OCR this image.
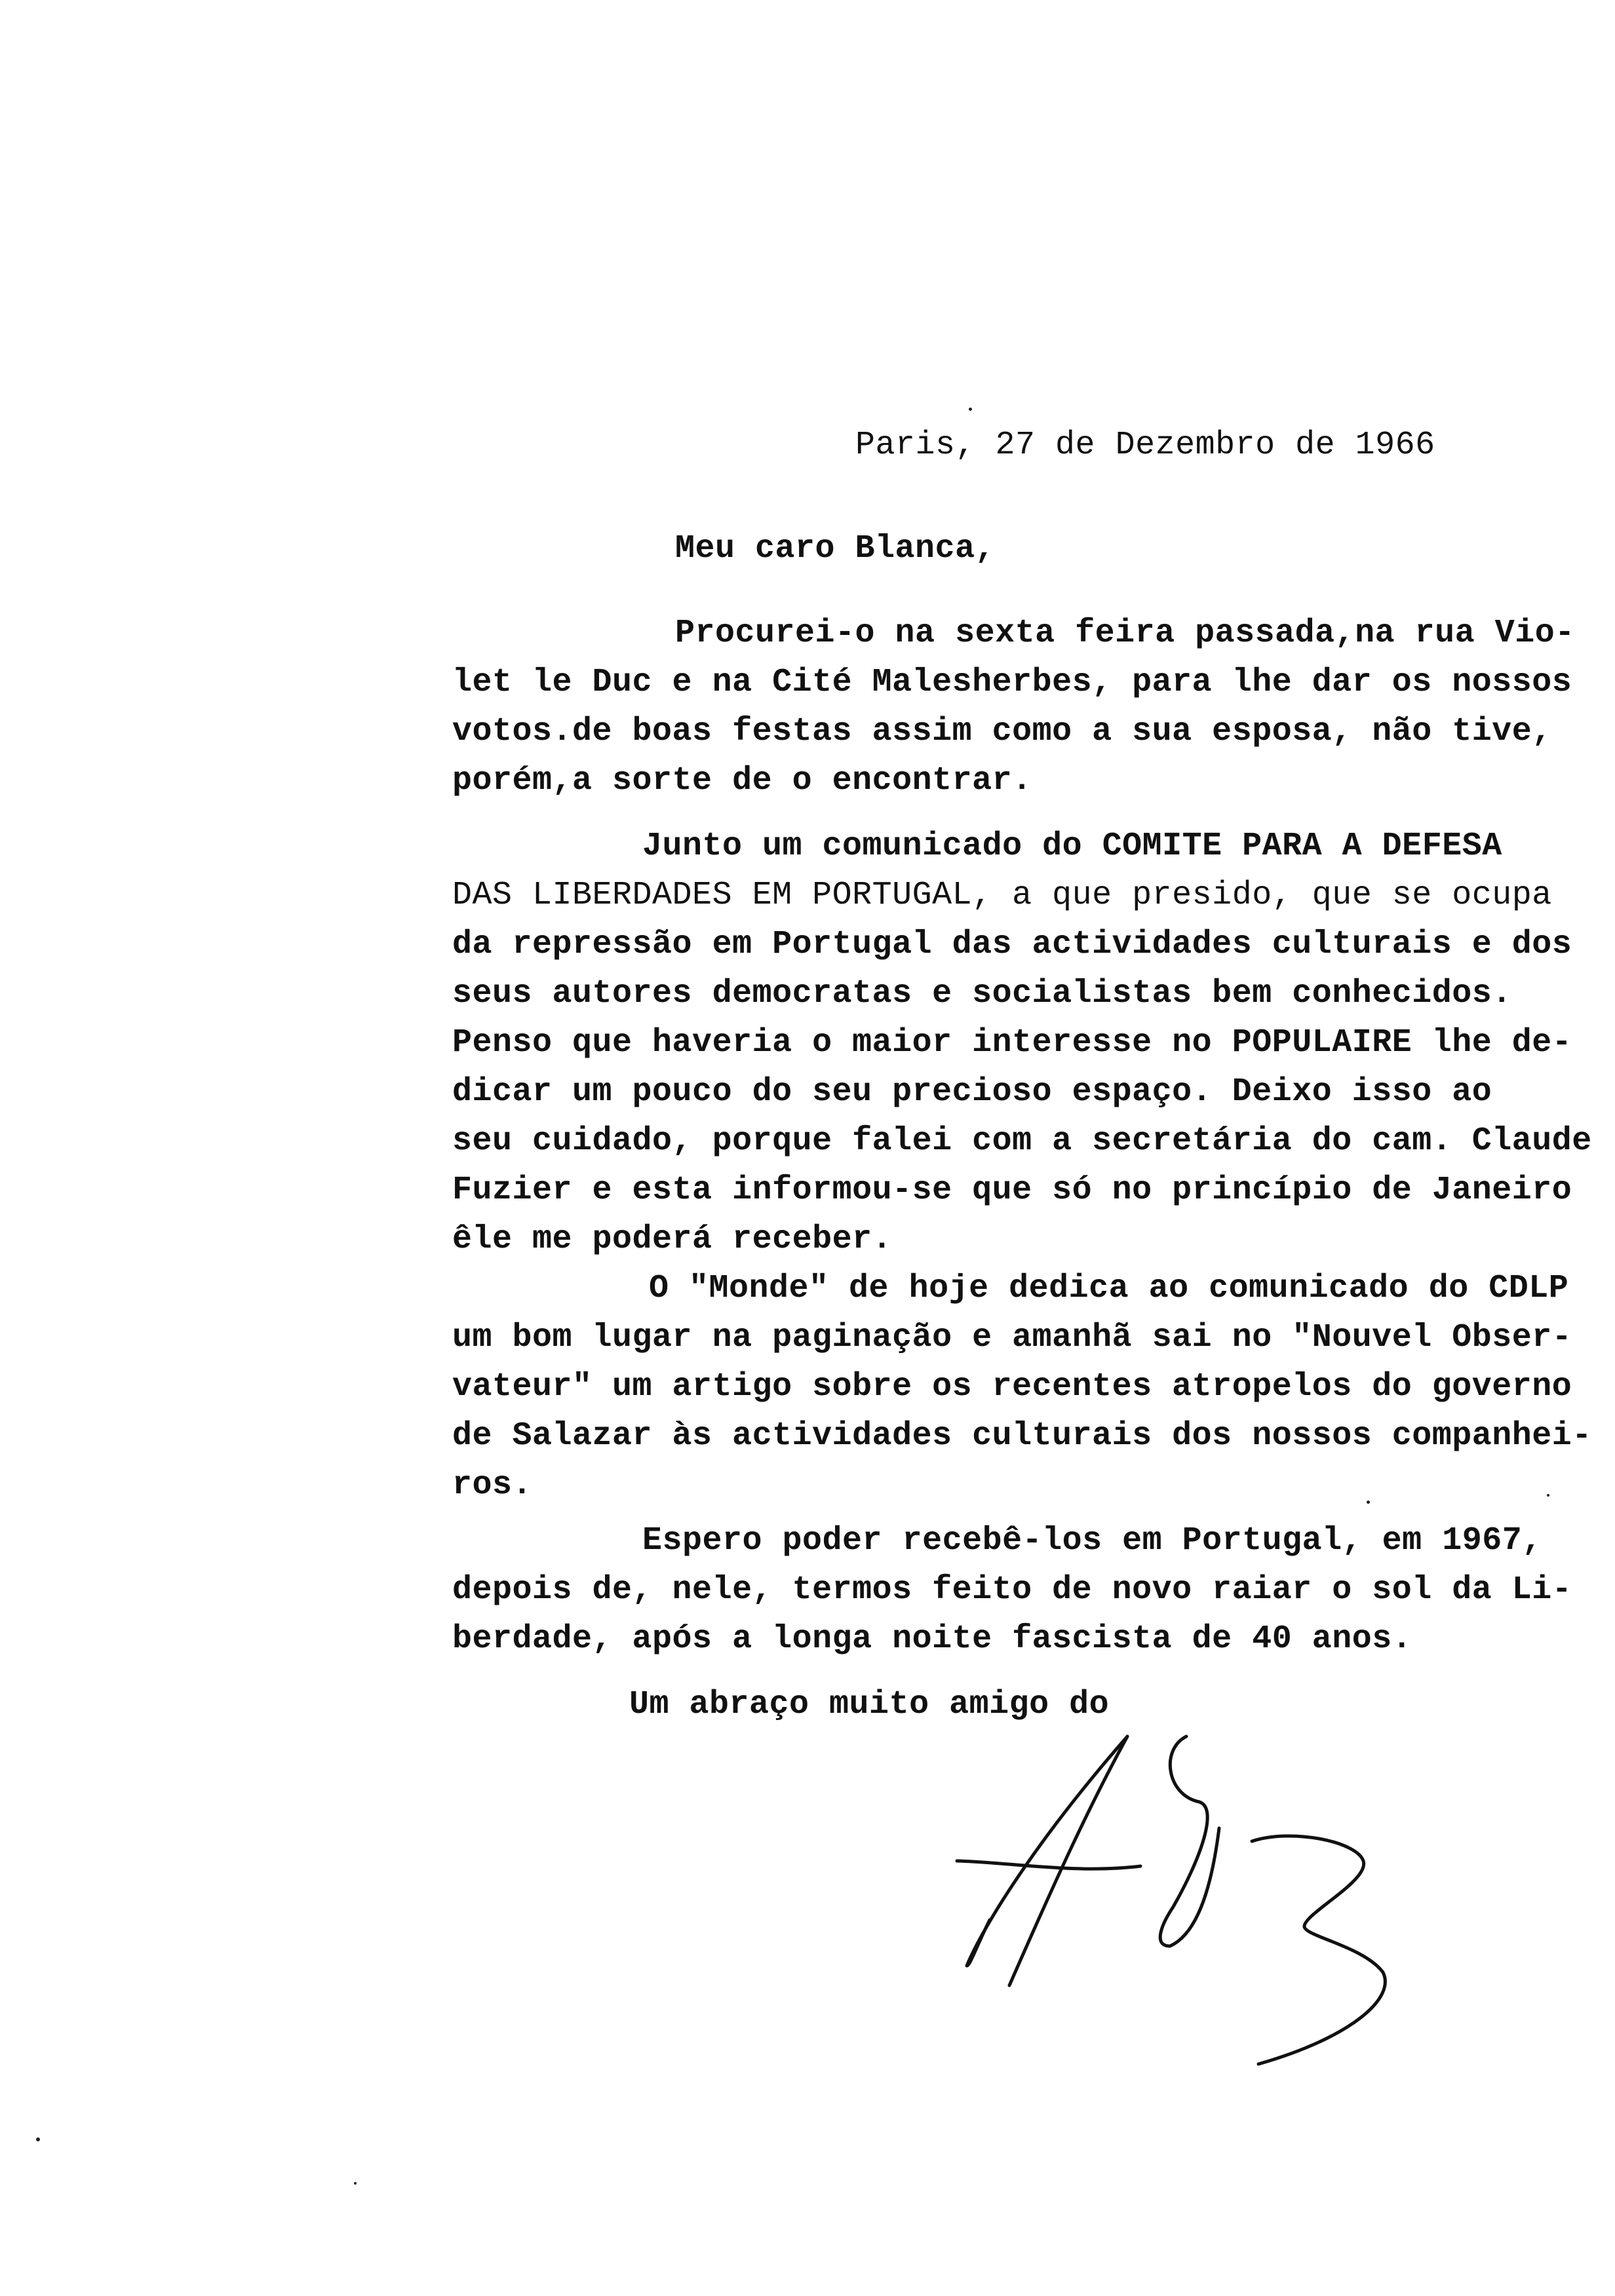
Paris, 27 de Dezembro de 1966
Meu caro Blanca,
Procurei-o na sexta feira passada,na rua Vio-
let le Duc e na Cité Malesherbes, para lhe dar os nossos
votos.de boas festas assim como a sua esposa, não tive,
porém,a sorte de o encontrar.
Junto um comunicado do COMITE PARA A DEFESA
DAS LIBERDADES EM PORTUGAL, a que presido, que se ocupa
da repressão em Portugal das actividades culturais e dos
seus autores democratas e socialistas bem conhecidos.
Penso que haveria o maior interesse no POPULAIRE lhe de-
dicar um pouco do seu precioso espaço. Deixo isso ao
seu cuidado, porque falei com a secretária do cam. Claude
Fuzier e esta informou-se que só no princípio de Janeiro
êle me poderá receber.
O "Monde" de hoje dedica ao comunicado do CDLP
um bom lugar na paginação e amanhã sai no "Nouvel Obser-
vateur" um artigo sobre os recentes atropelos do governo
de Salazar às actividades culturais dos nossos companhei-
ros.
Espero poder recebê-los em Portugal, em 1967,
depois de, nele, termos feito de novo raiar o sol da Li-
berdade, após a longa noite fascista de 40 anos.
Um abraço muito amigo do
